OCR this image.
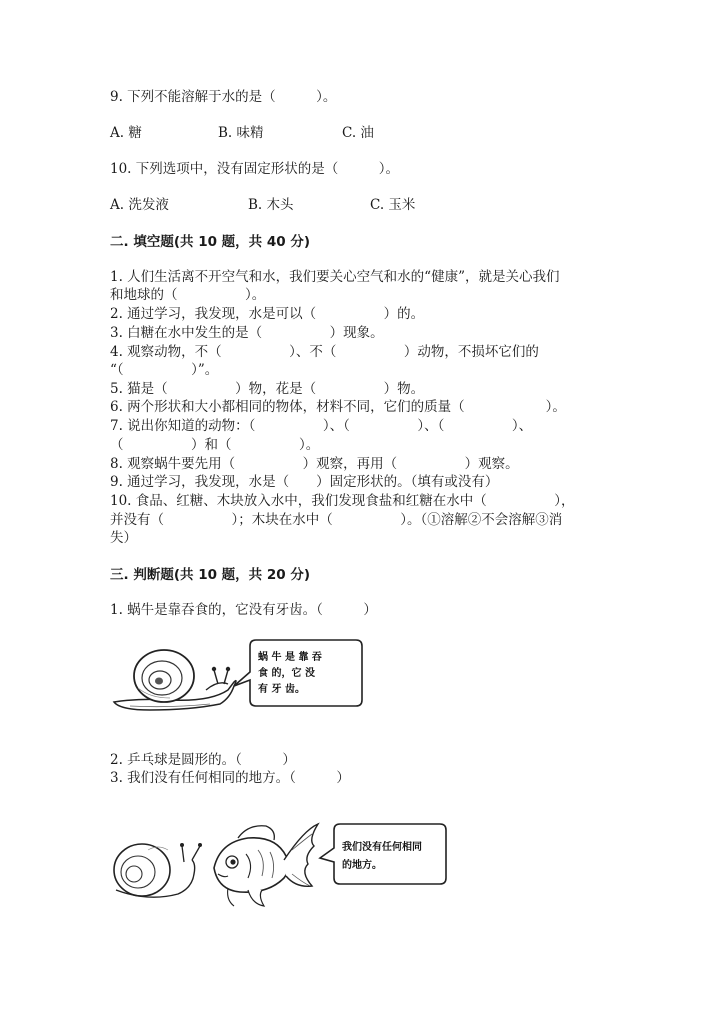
9. 下列不能溶解于水的是（　　　）。
A. 糖	B. 味精	C. 油
10. 下列选项中，没有固定形状的是（　　　）。
A. 洗发液	B. 木头	C. 玉米
二. 填空题(共 10 题，共 40 分)
1. 人们生活离不开空气和水，我们要关心空气和水的“健康”，就是关心我们
和地球的（　　　　　）。
2. 通过学习，我发现，水是可以（　　　　　）的。
3. 白糖在水中发生的是（　　　　　）现象。
4. 观察动物，不（　　　　　）、不（　　　　　）动物，不损坏它们的
“（　　　　　）”。
5. 猫是（　　　　　）物，花是（　　　　　）物。
6. 两个形状和大小都相同的物体，材料不同，它们的质量（　　　　　　）。
7. 说出你知道的动物：（　　　　　）、（　　　　　）、（　　　　　）、
（　　　　　）和（　　　　　）。
8. 观察蜗牛要先用（　　　　　）观察，再用（　　　　　）观察。
9. 通过学习，我发现，水是（　　）固定形状的。（填有或没有）
10. 食品、红糖、木块放入水中，我们发现食盐和红糖在水中（　　　　　），
并没有（　　　　　）；木块在水中（　　　　　）。（①溶解②不会溶解③消
失）
三. 判断题(共 10 题，共 20 分)
1. 蜗牛是靠吞食的，它没有牙齿。（　　　）
蜗 牛 是 靠 吞
食 的，它 没
有 牙 齿。
2. 乒乓球是圆形的。（　　　）
3. 我们没有任何相同的地方。（　　　）
我们没有任何相同
的地方。
